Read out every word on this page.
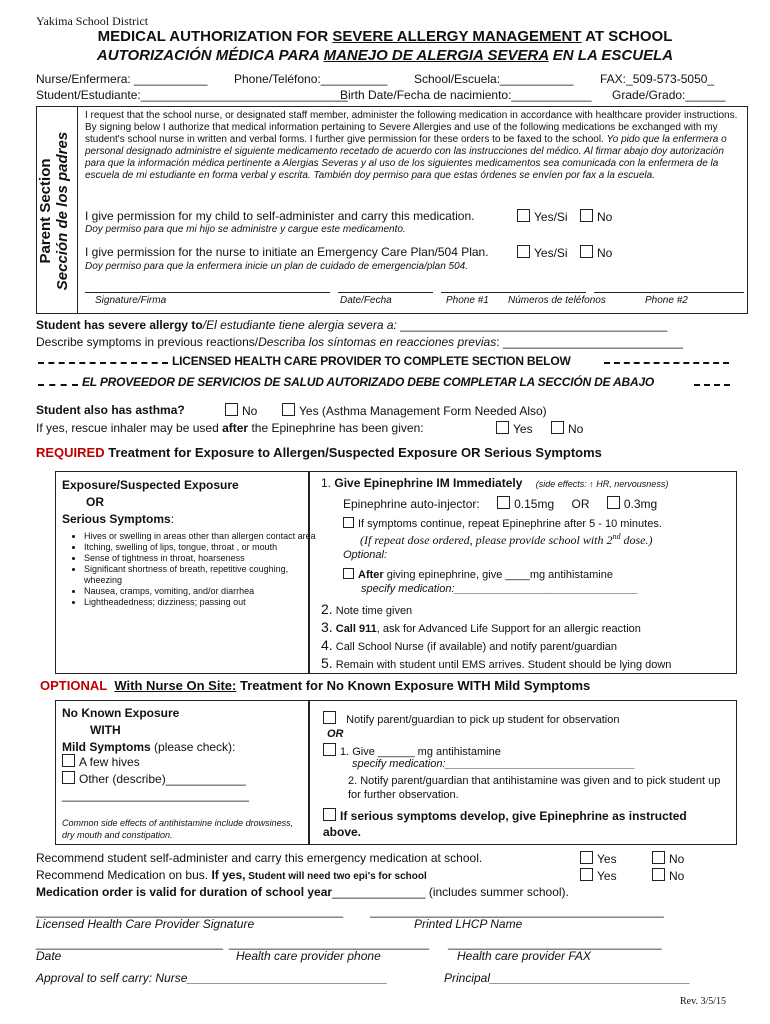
Yakima School District
MEDICAL AUTHORIZATION FOR SEVERE ALLERGY MANAGEMENT AT SCHOOL
AUTORIZACIÓN MÉDICA PARA MANEJO DE ALERGIA SEVERA EN LA ESCUELA
Nurse/Enfermera: ___________ Phone/Teléfono:__________ School/Escuela:___________ FAX:_509-573-5050_
Student/Estudiante:_______________________________
Birth Date/Fecha de nacimiento:____________ Grade/Grado:______
Parent Section Sección de los padres
I request that the school nurse, or designated staff member, administer the following medication in accordance with healthcare provider instructions. By signing below I authorize that medical information pertaining to Severe Allergies and use of the following medications be exchanged with my student's school nurse in written and verbal forms. I further give permission for these orders to be faxed to the school. Yo pido que la enfermera o personal designado administre el siguiente medicamento recetado de acuerdo con las instrucciones del médico. Al firmar abajo doy autorización para que la información médica pertinente a Alergias Severas y al uso de los siguientes medicamentos sea comunicada con la enfermera de la escuela de mi estudiante en forma verbal y escrita. También doy permiso para que estas órdenes se envíen por fax a la escuela.
I give permission for my child to self-administer and carry this medication.	Yes/Si	No
Doy permiso para que mi hijo se administre y cargue este medicamento.
I give permission for the nurse to initiate an Emergency Care Plan/504 Plan.	Yes/Si	No
Doy permiso para que la enfermera inicie un plan de cuidado de emergencia/plan 504.
Signature/Firma	Date/Fecha	Phone #1 Números de teléfonos	Phone #2
Student has severe allergy to/El estudiante tiene alergia severa a: ________________________________________
Describe symptoms in previous reactions/Describa los síntomas en reacciones previas: ___________________________
LICENSED HEALTH CARE PROVIDER TO COMPLETE SECTION BELOW
EL PROVEEDOR DE SERVICIOS DE SALUD AUTORIZADO DEBE COMPLETAR LA SECCIÓN DE ABAJO
Student also has asthma?	No	Yes (Asthma Management Form Needed Also)
If yes, rescue inhaler may be used after the Epinephrine has been given:	Yes	No
REQUIRED Treatment for Exposure to Allergen/Suspected Exposure OR Serious Symptoms
Exposure/Suspected Exposure
OR
Serious Symptoms:
• Hives or swelling in areas other than allergen contact area
• Itching, swelling of lips, tongue, throat , or mouth
• Sense of tightness in throat, hoarseness
• Significant shortness of breath, repetitive coughing, wheezing
• Nausea, cramps, vomiting, and/or diarrhea
• Lightheadedness; dizziness; passing out
1. Give Epinephrine IM Immediately (side effects: ↑ HR, nervousness)
Epinephrine auto-injector:	0.15mg OR	0.3mg
If symptoms continue, repeat Epinephrine after 5 - 10 minutes.
(If repeat dose ordered, please provide school with 2nd dose.)
Optional:
After giving epinephrine, give ____mg antihistamine
specify medication:______________________________
2. Note time given
3. Call 911, ask for Advanced Life Support for an allergic reaction
4. Call School Nurse (if available) and notify parent/guardian
5. Remain with student until EMS arrives. Student should be lying down
OPTIONAL With Nurse On Site: Treatment for No Known Exposure WITH Mild Symptoms
No Known Exposure
WITH
Mild Symptoms (please check):
A few hives
Other (describe)____________
____________________________
Common side effects of antihistamine include drowsiness, dry mouth and constipation.
Notify parent/guardian to pick up student for observation
OR
1. Give ______ mg antihistamine
specify medication:_______________________________
2. Notify parent/guardian that antihistamine was given and to pick student up for further observation.
If serious symptoms develop, give Epinephrine as instructed above.
Recommend student self-administer and carry this emergency medication at school.	Yes	No
Recommend Medication on bus. If yes, Student will need two epi's for school	Yes	No
Medication order is valid for duration of school year______________ (includes summer school).
______________________________________________ ____________________________________________
Licensed Health Care Provider Signature	Printed LHCP Name
____________________________ ______________________________ ________________________________
Date	Health care provider phone	Health care provider FAX
Approval to self carry: Nurse______________________________	Principal______________________________
Rev. 3/5/15
